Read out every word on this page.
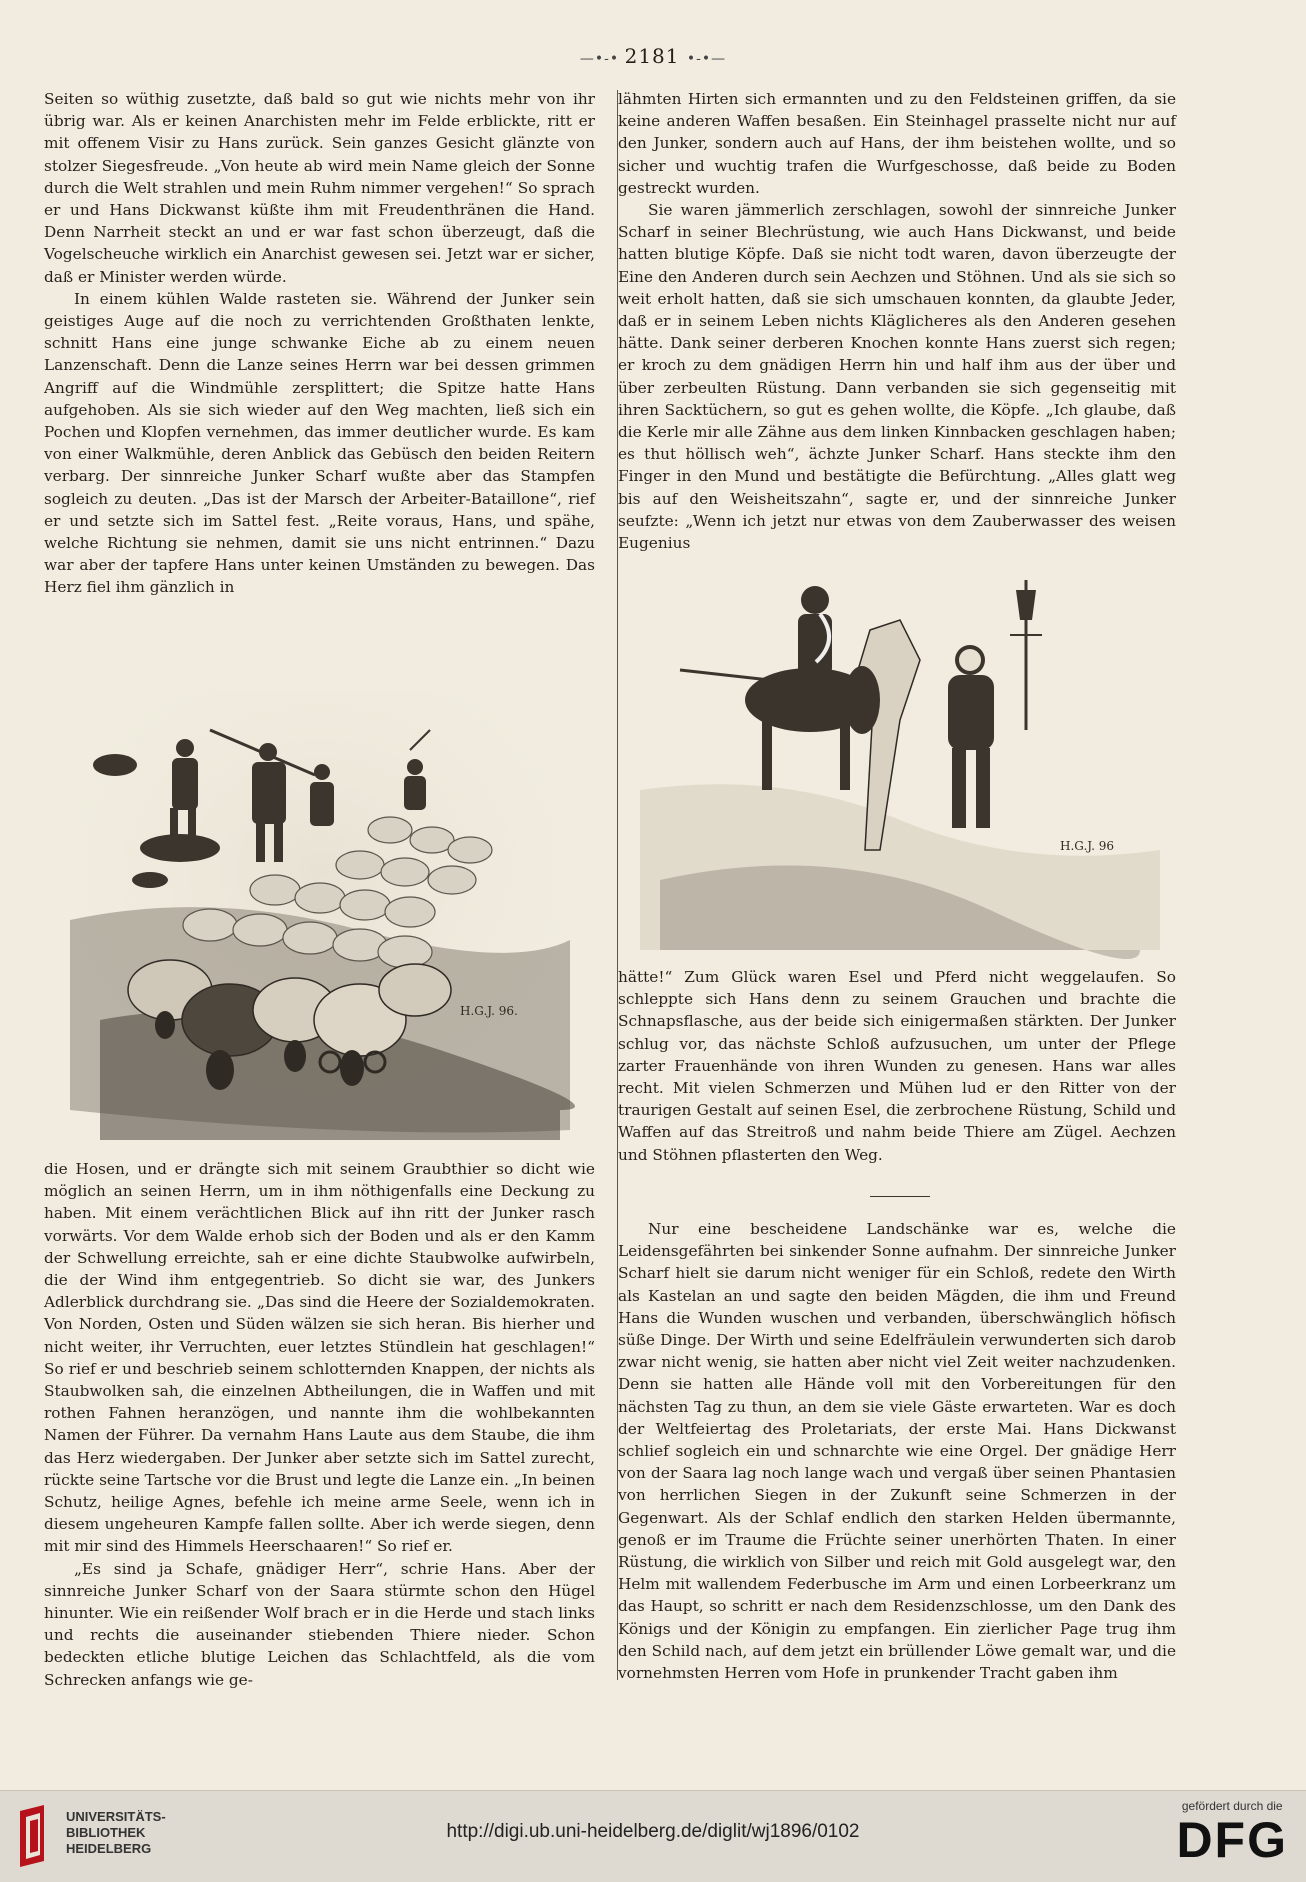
—•-• 2181 •-•—

Seiten so wüthig zusetzte, daß bald so gut wie nichts mehr von ihr übrig war. Als er keinen Anarchisten mehr im Felde erblickte, ritt er mit offenem Visir zu Hans zurück. Sein ganzes Gesicht glänzte von stolzer Siegesfreude. „Von heute ab wird mein Name gleich der Sonne durch die Welt strahlen und mein Ruhm nimmer vergehen!“ So sprach er und Hans Dickwanst küßte ihm mit Freudenthränen die Hand. Denn Narrheit steckt an und er war fast schon überzeugt, daß die Vogelscheuche wirklich ein Anarchist gewesen sei. Jetzt war er sicher, daß er Minister werden würde.

In einem kühlen Walde rasteten sie. Während der Junker sein geistiges Auge auf die noch zu verrichtenden Großthaten lenkte, schnitt Hans eine junge schwanke Eiche ab zu einem neuen Lanzenschaft. Denn die Lanze seines Herrn war bei dessen grimmen Angriff auf die Windmühle zersplittert; die Spitze hatte Hans aufgehoben. Als sie sich wieder auf den Weg machten, ließ sich ein Pochen und Klopfen vernehmen, das immer deutlicher wurde. Es kam von einer Walkmühle, deren Anblick das Gebüsch den beiden Reitern verbarg. Der sinnreiche Junker Scharf wußte aber das Stampfen sogleich zu deuten. „Das ist der Marsch der Arbeiter-Bataillone“, rief er und setzte sich im Sattel fest. „Reite voraus, Hans, und spähe, welche Richtung sie nehmen, damit sie uns nicht entrinnen.“ Dazu war aber der tapfere Hans unter keinen Umständen zu bewegen. Das Herz fiel ihm gänzlich in

H.G.J. 96.

die Hosen, und er drängte sich mit seinem Graubthier so dicht wie möglich an seinen Herrn, um in ihm nöthigenfalls eine Deckung zu haben. Mit einem verächtlichen Blick auf ihn ritt der Junker rasch vorwärts. Vor dem Walde erhob sich der Boden und als er den Kamm der Schwellung erreichte, sah er eine dichte Staubwolke aufwirbeln, die der Wind ihm entgegentrieb. So dicht sie war, des Junkers Adlerblick durchdrang sie. „Das sind die Heere der Sozialdemokraten. Von Norden, Osten und Süden wälzen sie sich heran. Bis hierher und nicht weiter, ihr Verruchten, euer letztes Stündlein hat geschlagen!“ So rief er und beschrieb seinem schlotternden Knappen, der nichts als Staubwolken sah, die einzelnen Abtheilungen, die in Waffen und mit rothen Fahnen heranzögen, und nannte ihm die wohlbekannten Namen der Führer. Da vernahm Hans Laute aus dem Staube, die ihm das Herz wiedergaben. Der Junker aber setzte sich im Sattel zurecht, rückte seine Tartsche vor die Brust und legte die Lanze ein. „In beinen Schutz, heilige Agnes, befehle ich meine arme Seele, wenn ich in diesem ungeheuren Kampfe fallen sollte. Aber ich werde siegen, denn mit mir sind des Himmels Heerschaaren!“ So rief er.

„Es sind ja Schafe, gnädiger Herr“, schrie Hans. Aber der sinnreiche Junker Scharf von der Saara stürmte schon den Hügel hinunter. Wie ein reißender Wolf brach er in die Herde und stach links und rechts die auseinander stiebenden Thiere nieder. Schon bedeckten etliche blutige Leichen das Schlachtfeld, als die vom Schrecken anfangs wie ge-

lähmten Hirten sich ermannten und zu den Feldsteinen griffen, da sie keine anderen Waffen besaßen. Ein Steinhagel prasselte nicht nur auf den Junker, sondern auch auf Hans, der ihm beistehen wollte, und so sicher und wuchtig trafen die Wurfgeschosse, daß beide zu Boden gestreckt wurden.

Sie waren jämmerlich zerschlagen, sowohl der sinnreiche Junker Scharf in seiner Blechrüstung, wie auch Hans Dickwanst, und beide hatten blutige Köpfe. Daß sie nicht todt waren, davon überzeugte der Eine den Anderen durch sein Aechzen und Stöhnen. Und als sie sich so weit erholt hatten, daß sie sich umschauen konnten, da glaubte Jeder, daß er in seinem Leben nichts Kläglicheres als den Anderen gesehen hätte. Dank seiner derberen Knochen konnte Hans zuerst sich regen; er kroch zu dem gnädigen Herrn hin und half ihm aus der über und über zerbeulten Rüstung. Dann verbanden sie sich gegenseitig mit ihren Sacktüchern, so gut es gehen wollte, die Köpfe. „Ich glaube, daß die Kerle mir alle Zähne aus dem linken Kinnbacken geschlagen haben; es thut höllisch weh“, ächzte Junker Scharf. Hans steckte ihm den Finger in den Mund und bestätigte die Befürchtung. „Alles glatt weg bis auf den Weisheitszahn“, sagte er, und der sinnreiche Junker seufzte: „Wenn ich jetzt nur etwas von dem Zauberwasser des weisen Eugenius

H.G.J. 96

hätte!“ Zum Glück waren Esel und Pferd nicht weggelaufen. So schleppte sich Hans denn zu seinem Grauchen und brachte die Schnapsflasche, aus der beide sich einigermaßen stärkten. Der Junker schlug vor, das nächste Schloß aufzusuchen, um unter der Pflege zarter Frauenhände von ihren Wunden zu genesen. Hans war alles recht. Mit vielen Schmerzen und Mühen lud er den Ritter von der traurigen Gestalt auf seinen Esel, die zerbrochene Rüstung, Schild und Waffen auf das Streitroß und nahm beide Thiere am Zügel. Aechzen und Stöhnen pflasterten den Weg.

Nur eine bescheidene Landschänke war es, welche die Leidensgefährten bei sinkender Sonne aufnahm. Der sinnreiche Junker Scharf hielt sie darum nicht weniger für ein Schloß, redete den Wirth als Kastelan an und sagte den beiden Mägden, die ihm und Freund Hans die Wunden wuschen und verbanden, überschwänglich höfisch süße Dinge. Der Wirth und seine Edelfräulein verwunderten sich darob zwar nicht wenig, sie hatten aber nicht viel Zeit weiter nachzudenken. Denn sie hatten alle Hände voll mit den Vorbereitungen für den nächsten Tag zu thun, an dem sie viele Gäste erwarteten. War es doch der Weltfeiertag des Proletariats, der erste Mai. Hans Dickwanst schlief sogleich ein und schnarchte wie eine Orgel. Der gnädige Herr von der Saara lag noch lange wach und vergaß über seinen Phantasien von herrlichen Siegen in der Zukunft seine Schmerzen in der Gegenwart. Als der Schlaf endlich den starken Helden übermannte, genoß er im Traume die Früchte seiner unerhörten Thaten. In einer Rüstung, die wirklich von Silber und reich mit Gold ausgelegt war, den Helm mit wallendem Federbusche im Arm und einen Lorbeerkranz um das Haupt, so schritt er nach dem Residenzschlosse, um den Dank des Königs und der Königin zu empfangen. Ein zierlicher Page trug ihm den Schild nach, auf dem jetzt ein brüllender Löwe gemalt war, und die vornehmsten Herren vom Hofe in prunkender Tracht gaben ihm

UNIVERSITÄTS-
BIBLIOTHEK
HEIDELBERG
http://digi.ub.uni-heidelberg.de/diglit/wj1896/0102
gefördert durch die
DFG
